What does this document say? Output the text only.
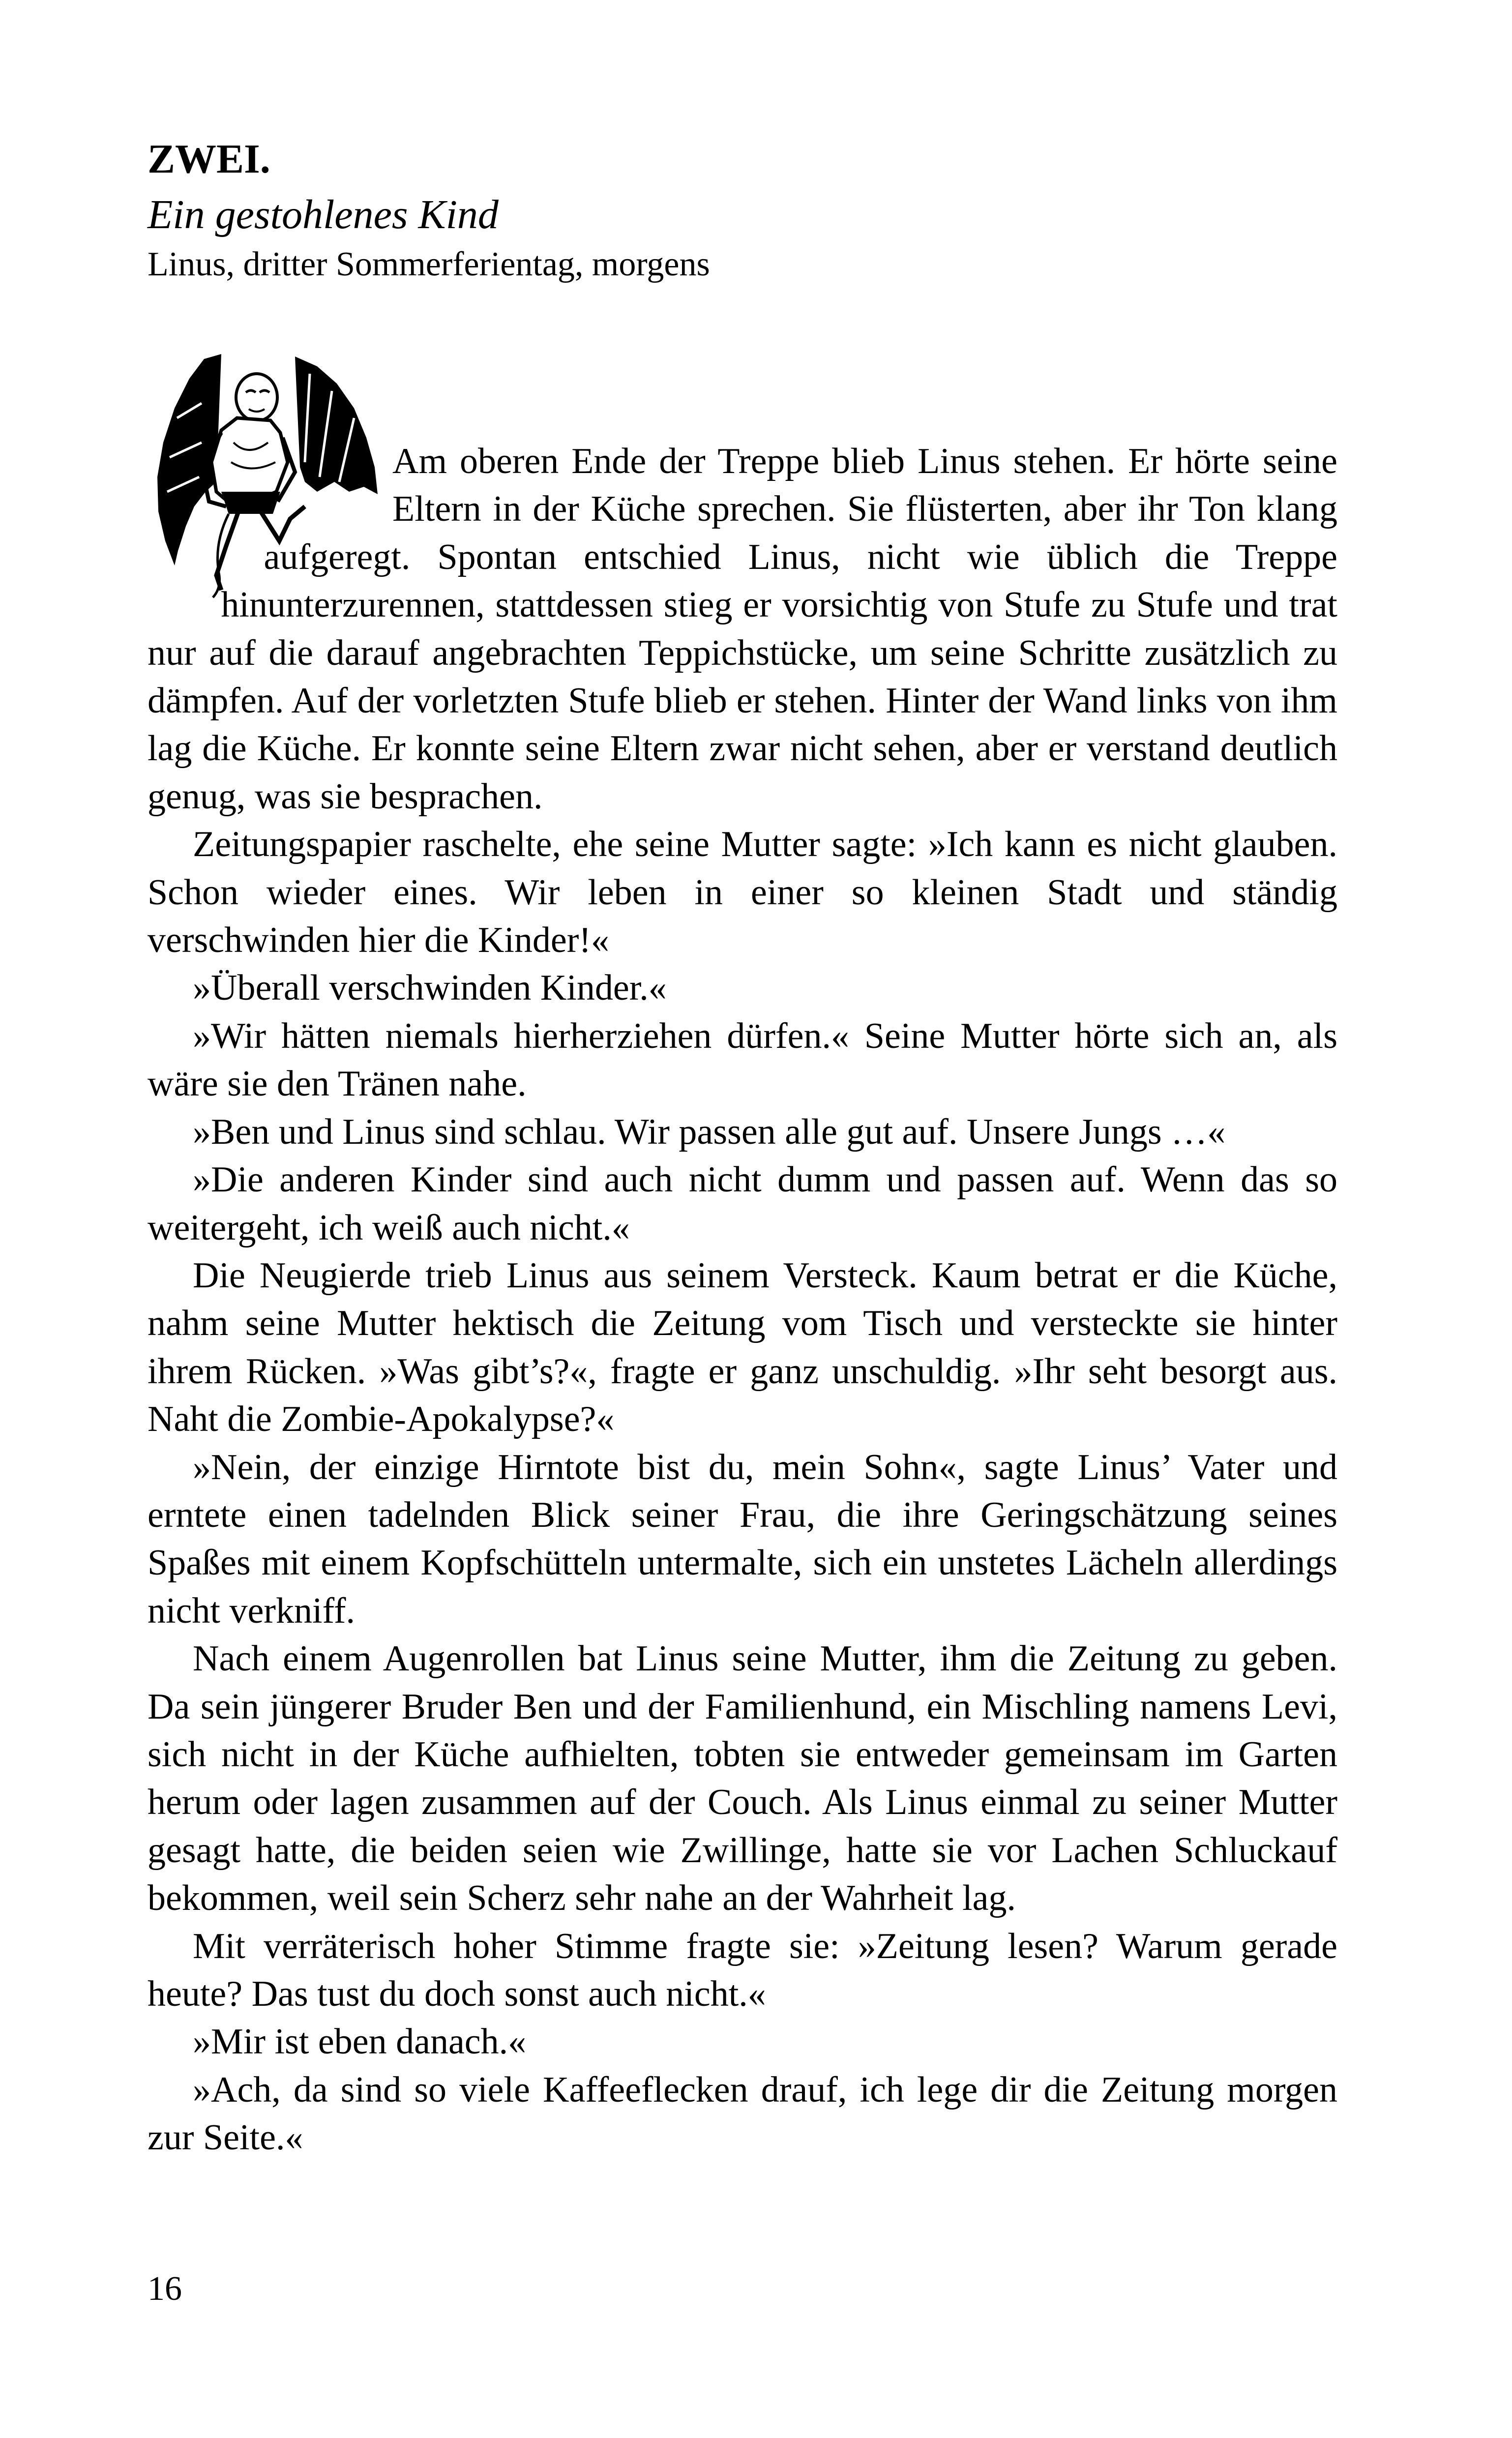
ZWEI.
Ein gestohlenes Kind
Linus, dritter Sommerferientag, morgens

Am oberen Ende der Treppe blieb Linus stehen. Er hörte seine Eltern in der Küche sprechen. Sie flüsterten, aber ihr Ton klang aufgeregt. Spontan entschied Linus, nicht wie üblich die Treppe hinunterzurennen, stattdessen stieg er vorsichtig von Stufe zu Stufe und trat nur auf die darauf angebrachten Teppichstücke, um seine Schritte zusätzlich zu dämpfen. Auf der vorletzten Stufe blieb er stehen. Hinter der Wand links von ihm lag die Küche. Er konnte seine Eltern zwar nicht sehen, aber er verstand deutlich genug, was sie besprachen.

Zeitungspapier raschelte, ehe seine Mutter sagte: »Ich kann es nicht glauben. Schon wieder eines. Wir leben in einer so kleinen Stadt und ständig verschwinden hier die Kinder!«

»Überall verschwinden Kinder.«

»Wir hätten niemals hierherziehen dürfen.« Seine Mutter hörte sich an, als wäre sie den Tränen nahe.

»Ben und Linus sind schlau. Wir passen alle gut auf. Unsere Jungs …«

»Die anderen Kinder sind auch nicht dumm und passen auf. Wenn das so weitergeht, ich weiß auch nicht.«

Die Neugierde trieb Linus aus seinem Versteck. Kaum betrat er die Küche, nahm seine Mutter hektisch die Zeitung vom Tisch und versteckte sie hinter ihrem Rücken. »Was gibt’s?«, fragte er ganz unschuldig. »Ihr seht besorgt aus. Naht die Zombie-Apokalypse?«

»Nein, der einzige Hirntote bist du, mein Sohn«, sagte Linus’ Vater und erntete einen tadelnden Blick seiner Frau, die ihre Geringschätzung seines Spaßes mit einem Kopfschütteln untermalte, sich ein unstetes Lächeln allerdings nicht verkniff.

Nach einem Augenrollen bat Linus seine Mutter, ihm die Zeitung zu geben. Da sein jüngerer Bruder Ben und der Familienhund, ein Mischling namens Levi, sich nicht in der Küche aufhielten, tobten sie entweder gemeinsam im Garten herum oder lagen zusammen auf der Couch. Als Linus einmal zu seiner Mutter gesagt hatte, die beiden seien wie Zwillinge, hatte sie vor Lachen Schluckauf bekommen, weil sein Scherz sehr nahe an der Wahrheit lag.

Mit verräterisch hoher Stimme fragte sie: »Zeitung lesen? Warum gerade heute? Das tust du doch sonst auch nicht.«

»Mir ist eben danach.«

»Ach, da sind so viele Kaffeeflecken drauf, ich lege dir die Zeitung morgen zur Seite.«

16
